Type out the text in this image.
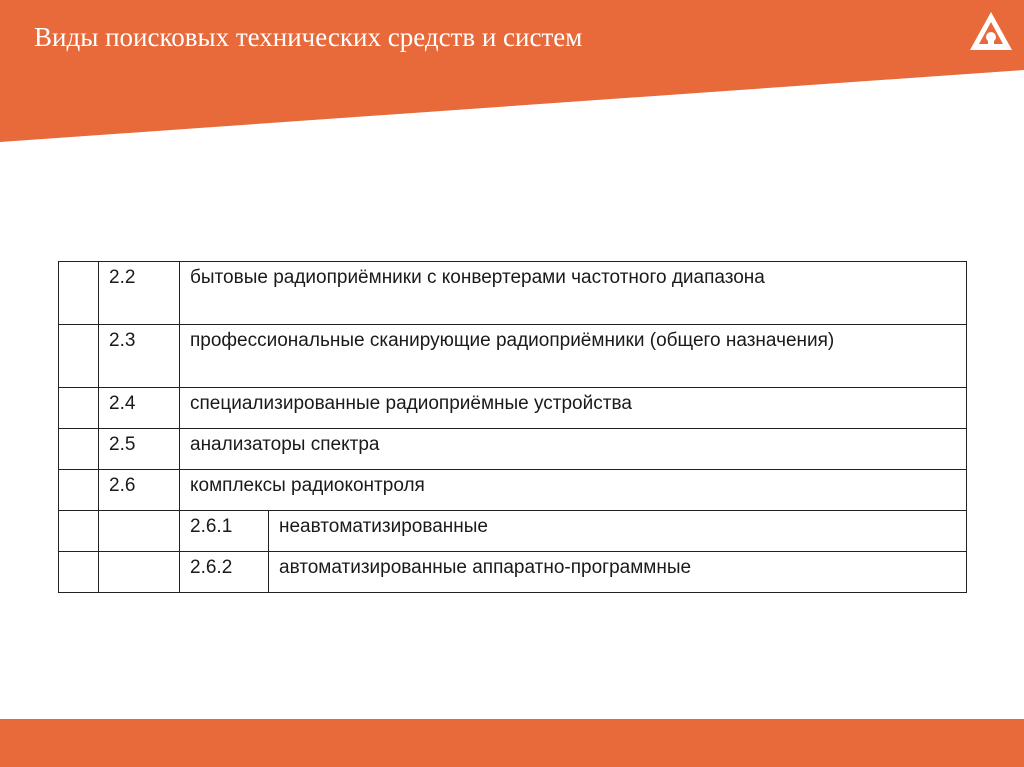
Виды поисковых технических средств и систем
	2.2	бытовые радиоприёмники с конвертерами частотного диапазона	
	2.3	профессиональные сканирующие радиоприёмники (общего назначения)	
	2.4	специализированные радиоприёмные устройства	
	2.5	анализаторы спектра	
	2.6	комплексы радиоконтроля	
		2.6.1	неавтоматизированные
		2.6.2	автоматизированные аппаратно-программные
